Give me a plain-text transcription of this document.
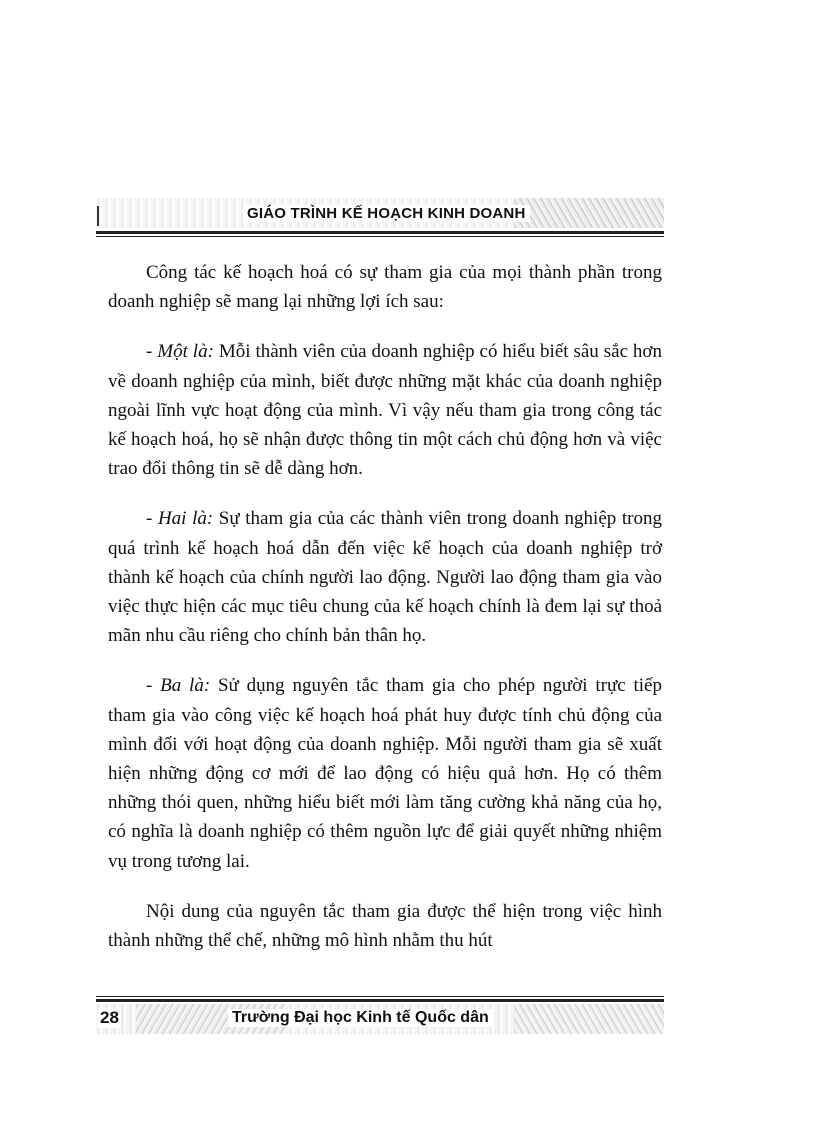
GIÁO TRÌNH KẾ HOẠCH KINH DOANH

Công tác kế hoạch hoá có sự tham gia của mọi thành phần trong doanh nghiệp sẽ mang lại những lợi ích sau:

- Một là: Mỗi thành viên của doanh nghiệp có hiểu biết sâu sắc hơn về doanh nghiệp của mình, biết được những mặt khác của doanh nghiệp ngoài lĩnh vực hoạt động của mình. Vì vậy nếu tham gia trong công tác kế hoạch hoá, họ sẽ nhận được thông tin một cách chủ động hơn và việc trao đổi thông tin sẽ dễ dàng hơn.

- Hai là: Sự tham gia của các thành viên trong doanh nghiệp trong quá trình kế hoạch hoá dẫn đến việc kế hoạch của doanh nghiệp trở thành kế hoạch của chính người lao động. Người lao động tham gia vào việc thực hiện các mục tiêu chung của kế hoạch chính là đem lại sự thoả mãn nhu cầu riêng cho chính bản thân họ.

- Ba là: Sử dụng nguyên tắc tham gia cho phép người trực tiếp tham gia vào công việc kế hoạch hoá phát huy được tính chủ động của mình đối với hoạt động của doanh nghiệp. Mỗi người tham gia sẽ xuất hiện những động cơ mới để lao động có hiệu quả hơn. Họ có thêm những thói quen, những hiểu biết mới làm tăng cường khả năng của họ, có nghĩa là doanh nghiệp có thêm nguồn lực để giải quyết những nhiệm vụ trong tương lai.

Nội dung của nguyên tắc tham gia được thể hiện trong việc hình thành những thể chế, những mô hình nhằm thu hút

28	Trường Đại học Kinh tế Quốc dân
